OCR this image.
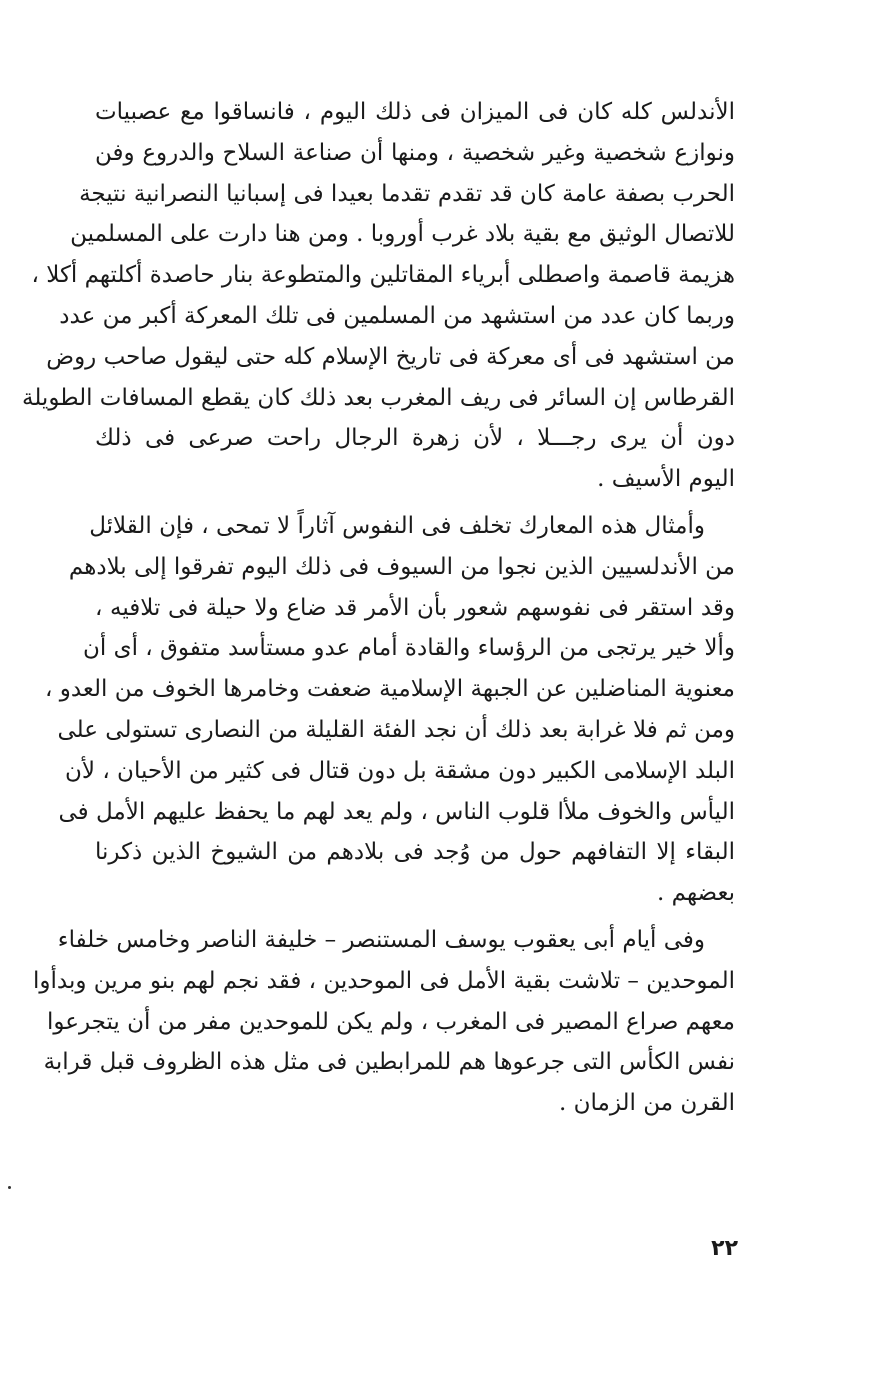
الأندلس كله كان فى الميزان فى ذلك اليوم ، فانساقوا مع عصبيات
ونوازع شخصية وغير شخصية ، ومنها أن صناعة السلاح والدروع وفن
الحرب بصفة عامة كان قد تقدم تقدما بعيدا فى إسبانيا النصرانية نتيجة
للاتصال الوثيق مع بقية بلاد غرب أوروبا . ومن هنا دارت على المسلمين
هزيمة قاصمة واصطلى أبرياء المقاتلين والمتطوعة بنار حاصدة أكلتهم أكلا ،
وربما كان عدد من استشهد من المسلمين فى تلك المعركة أكبر من عدد
من استشهد فى أى معركة فى تاريخ الإسلام كله حتى ليقول صاحب روض
القرطاس إن السائر فى ريف المغرب بعد ذلك كان يقطع المسافات الطويلة
دون أن يرى رجـــلا ، لأن زهرة الرجال راحت صرعى فى ذلك
اليوم الأسيف .
وأمثال هذه المعارك تخلف فى النفوس آثاراً لا تمحى ، فإن القلائل
من الأندلسيين الذين نجوا من السيوف فى ذلك اليوم تفرقوا إلى بلادهم
وقد استقر فى نفوسهم شعور بأن الأمر قد ضاع ولا حيلة فى تلافيه ،
وألا خير يرتجى من الرؤساء والقادة أمام عدو مستأسد متفوق ، أى أن
معنوية المناضلين عن الجبهة الإسلامية ضعفت وخامرها الخوف من العدو ،
ومن ثم فلا غرابة بعد ذلك أن نجد الفئة القليلة من النصارى تستولى على
البلد الإسلامى الكبير دون مشقة بل دون قتال فى كثير من الأحيان ، لأن
اليأس والخوف ملأا قلوب الناس ، ولم يعد لهم ما يحفظ عليهم الأمل فى
البقاء إلا التفافهم حول من وُجد فى بلادهم من الشيوخ الذين ذكرنا
بعضهم .
وفى أيام أبى يعقوب يوسف المستنصر – خليفة الناصر وخامس خلفاء
الموحدين – تلاشت بقية الأمل فى الموحدين ، فقد نجم لهم بنو مرين وبدأوا
معهم صراع المصير فى المغرب ، ولم يكن للموحدين مفر من أن يتجرعوا
نفس الكأس التى جرعوها هم للمرابطين فى مثل هذه الظروف قبل قرابة
القرن من الزمان .
٢٢
